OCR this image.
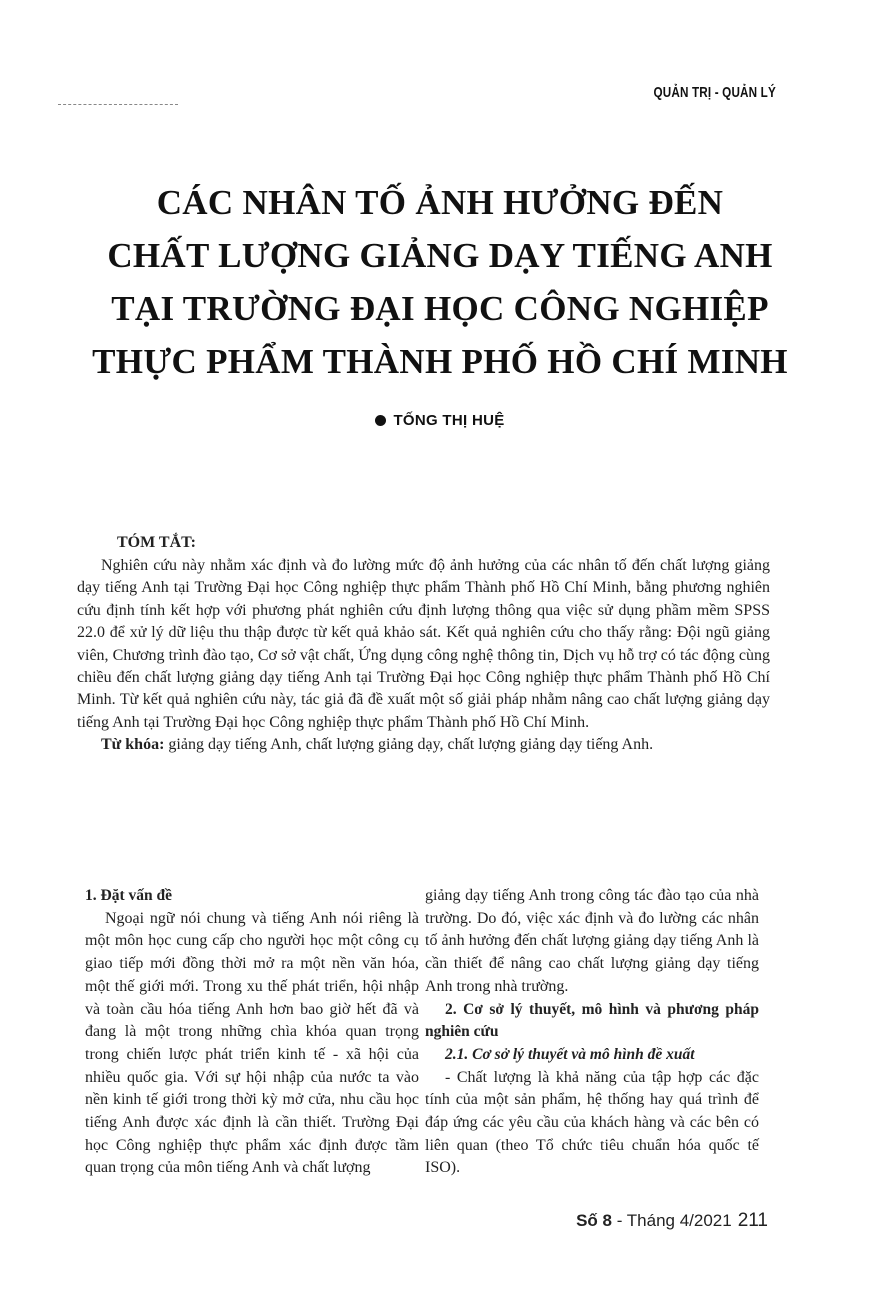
QUẢN TRỊ - QUẢN LÝ
CÁC NHÂN TỐ ẢNH HƯỞNG ĐẾN
CHẤT LƯỢNG GIẢNG DẠY TIẾNG ANH
TẠI TRƯỜNG ĐẠI HỌC CÔNG NGHIỆP
THỰC PHẨM THÀNH PHỐ HỒ CHÍ MINH
TỐNG THỊ HUỆ
TÓM TẮT:

Nghiên cứu này nhằm xác định và đo lường mức độ ảnh hưởng của các nhân tố đến chất lượng giảng dạy tiếng Anh tại Trường Đại học Công nghiệp thực phẩm Thành phố Hồ Chí Minh, bằng phương nghiên cứu định tính kết hợp với phương phát nghiên cứu định lượng thông qua việc sử dụng phầm mềm SPSS 22.0 để xử lý dữ liệu thu thập được từ kết quả khảo sát. Kết quả nghiên cứu cho thấy rằng: Đội ngũ giảng viên, Chương trình đào tạo, Cơ sở vật chất, Ứng dụng công nghệ thông tin, Dịch vụ hỗ trợ có tác động cùng chiều đến chất lượng giảng dạy tiếng Anh tại Trường Đại học Công nghiệp thực phẩm Thành phố Hồ Chí Minh. Từ kết quả nghiên cứu này, tác giả đã đề xuất một số giải pháp nhằm nâng cao chất lượng giảng dạy tiếng Anh tại Trường Đại học Công nghiệp thực phẩm Thành phố Hồ Chí Minh.

Từ khóa: giảng dạy tiếng Anh, chất lượng giảng dạy, chất lượng giảng dạy tiếng Anh.

1. Đặt vấn đề

Ngoại ngữ nói chung và tiếng Anh nói riêng là một môn học cung cấp cho người học một công cụ giao tiếp mới đồng thời mở ra một nền văn hóa, một thế giới mới. Trong xu thế phát triển, hội nhập và toàn cầu hóa tiếng Anh hơn bao giờ hết đã và đang là một trong những chìa khóa quan trọng trong chiến lược phát triển kinh tế - xã hội của nhiều quốc gia. Với sự hội nhập của nước ta vào nền kinh tế giới trong thời kỳ mở cửa, nhu cầu học tiếng Anh được xác định là cần thiết. Trường Đại học Công nghiệp thực phẩm xác định được tầm quan trọng của môn tiếng Anh và chất lượng

giảng dạy tiếng Anh trong công tác đào tạo của nhà trường. Do đó, việc xác định và đo lường các nhân tố ảnh hưởng đến chất lượng giảng dạy tiếng Anh là cần thiết để nâng cao chất lượng giảng dạy tiếng Anh trong nhà trường.

2. Cơ sở lý thuyết, mô hình và phương pháp nghiên cứu

2.1. Cơ sở lý thuyết và mô hình đề xuất

- Chất lượng là khả năng của tập hợp các đặc tính của một sản phẩm, hệ thống hay quá trình để đáp ứng các yêu cầu của khách hàng và các bên có liên quan (theo Tổ chức tiêu chuẩn hóa quốc tế ISO).

Số 8 - Tháng 4/2021 211
